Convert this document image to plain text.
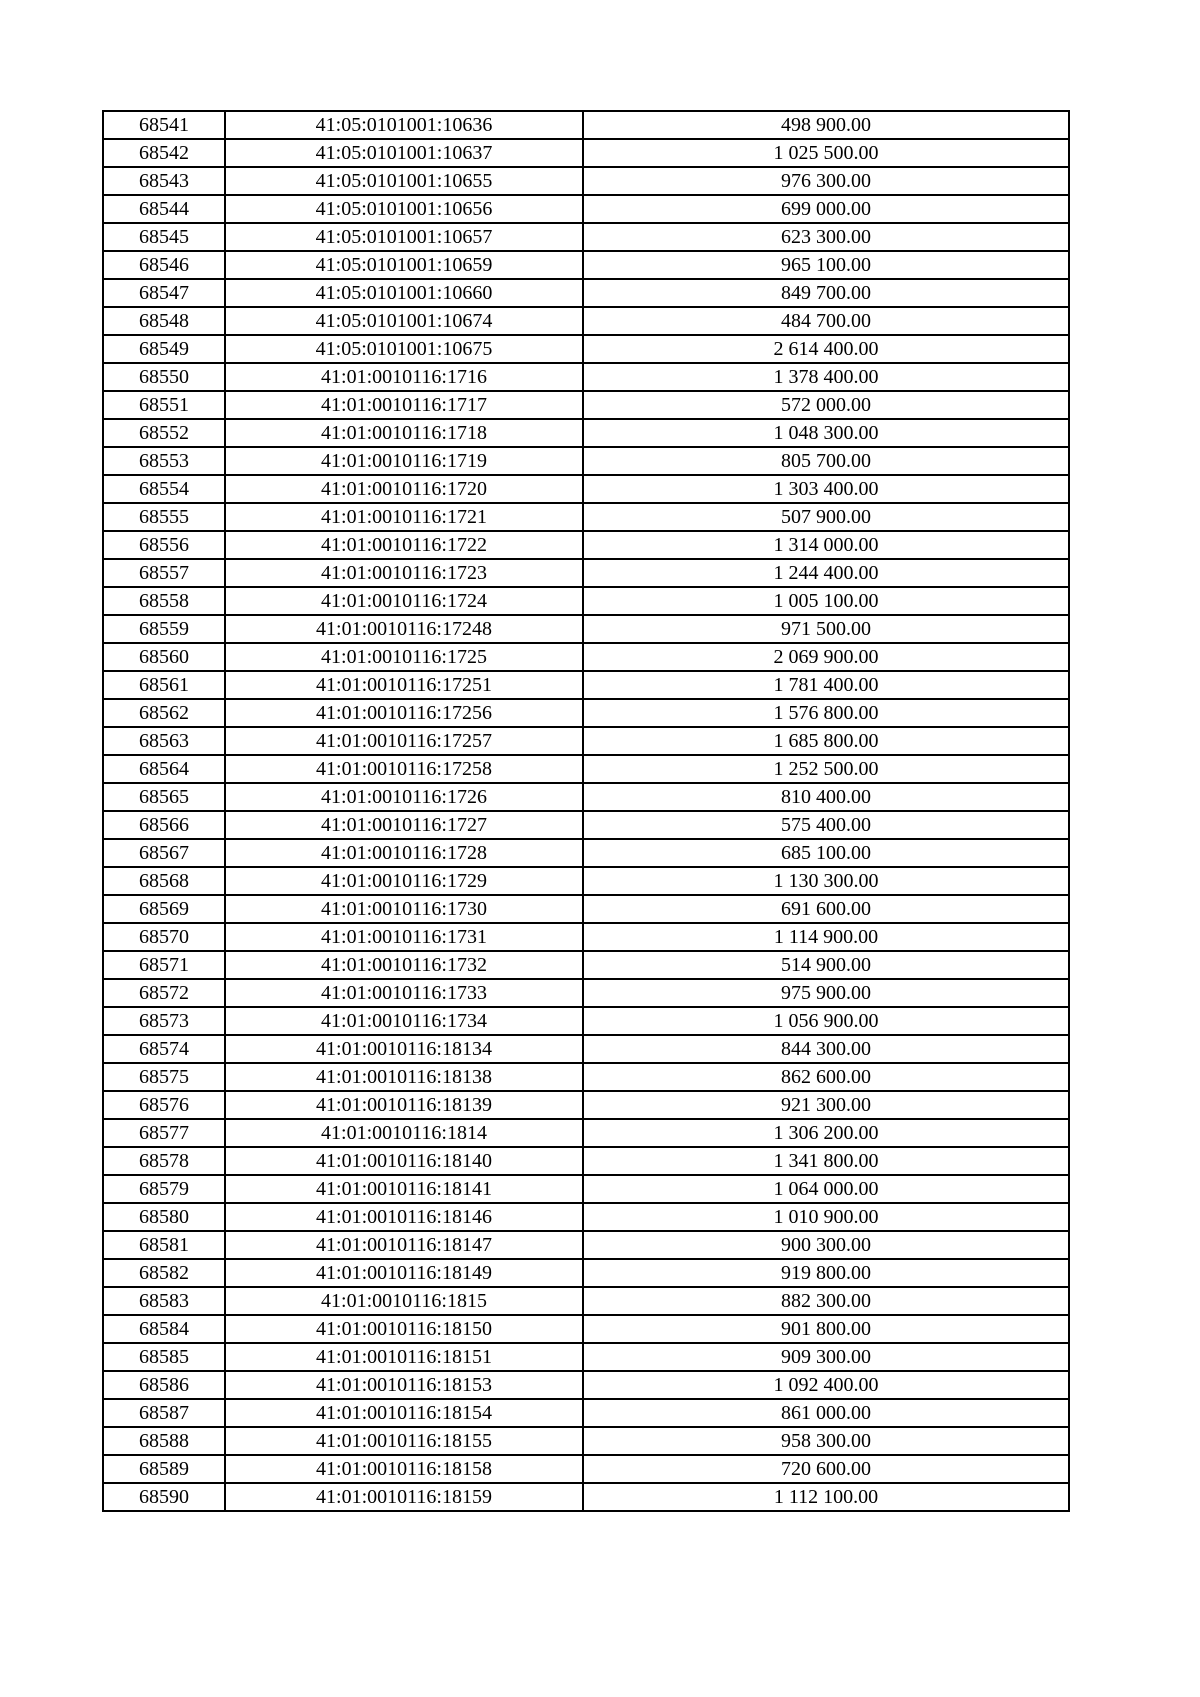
68541	41:05:0101001:10636	498 900.00
68542	41:05:0101001:10637	1 025 500.00
68543	41:05:0101001:10655	976 300.00
68544	41:05:0101001:10656	699 000.00
68545	41:05:0101001:10657	623 300.00
68546	41:05:0101001:10659	965 100.00
68547	41:05:0101001:10660	849 700.00
68548	41:05:0101001:10674	484 700.00
68549	41:05:0101001:10675	2 614 400.00
68550	41:01:0010116:1716	1 378 400.00
68551	41:01:0010116:1717	572 000.00
68552	41:01:0010116:1718	1 048 300.00
68553	41:01:0010116:1719	805 700.00
68554	41:01:0010116:1720	1 303 400.00
68555	41:01:0010116:1721	507 900.00
68556	41:01:0010116:1722	1 314 000.00
68557	41:01:0010116:1723	1 244 400.00
68558	41:01:0010116:1724	1 005 100.00
68559	41:01:0010116:17248	971 500.00
68560	41:01:0010116:1725	2 069 900.00
68561	41:01:0010116:17251	1 781 400.00
68562	41:01:0010116:17256	1 576 800.00
68563	41:01:0010116:17257	1 685 800.00
68564	41:01:0010116:17258	1 252 500.00
68565	41:01:0010116:1726	810 400.00
68566	41:01:0010116:1727	575 400.00
68567	41:01:0010116:1728	685 100.00
68568	41:01:0010116:1729	1 130 300.00
68569	41:01:0010116:1730	691 600.00
68570	41:01:0010116:1731	1 114 900.00
68571	41:01:0010116:1732	514 900.00
68572	41:01:0010116:1733	975 900.00
68573	41:01:0010116:1734	1 056 900.00
68574	41:01:0010116:18134	844 300.00
68575	41:01:0010116:18138	862 600.00
68576	41:01:0010116:18139	921 300.00
68577	41:01:0010116:1814	1 306 200.00
68578	41:01:0010116:18140	1 341 800.00
68579	41:01:0010116:18141	1 064 000.00
68580	41:01:0010116:18146	1 010 900.00
68581	41:01:0010116:18147	900 300.00
68582	41:01:0010116:18149	919 800.00
68583	41:01:0010116:1815	882 300.00
68584	41:01:0010116:18150	901 800.00
68585	41:01:0010116:18151	909 300.00
68586	41:01:0010116:18153	1 092 400.00
68587	41:01:0010116:18154	861 000.00
68588	41:01:0010116:18155	958 300.00
68589	41:01:0010116:18158	720 600.00
68590	41:01:0010116:18159	1 112 100.00
